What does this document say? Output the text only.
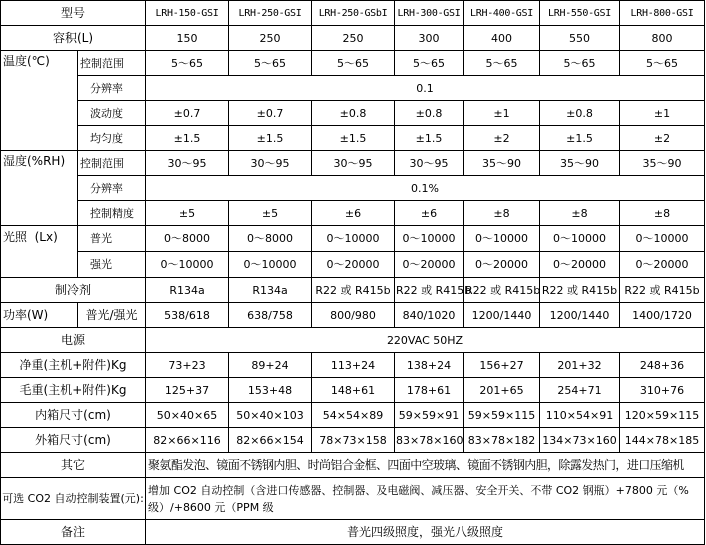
型号		LRH-150-GSI	LRH-250-GSI	LRH-250-GSbI	LRH-300-GSI	LRH-400-GSI	LRH-550-GSI	LRH-800-GSI
容积(L)		150	250	250	300	400	550	800
温度(℃)	控制范围	5～65	5～65	5～65	5～65	5～65	5～65	5～65
	分辨率	0.1						
	波动度	±0.7	±0.7	±0.8	±0.8	±1	±0.8	±1
	均匀度	±1.5	±1.5	±1.5	±1.5	±2	±1.5	±2
湿度(%RH)	控制范围	30～95	30～95	30～95	30～95	35～90	35～90	35～90
	分辨率	0.1%						
	控制精度	±5	±5	±6	±6	±8	±8	±8
光照  (Lx)	普光	0～8000	0～8000	0～10000	0～10000	0～10000	0～10000	0～10000
	强光	0～10000	0～10000	0～20000	0～20000	0～20000	0～20000	0～20000
制冷剂		R134a	R134a	R22 或 R415b	R22 或 R415b	R22 或 R415b	R22 或 R415b	R22 或 R415b
功率(W)	普光/强光	538/618	638/758	800/980	840/1020	1200/1440	1200/1440	1400/1720
电源		220VAC 50HZ						
净重(主机+附件)Kg		73+23	89+24	113+24	138+24	156+27	201+32	248+36
毛重(主机+附件)Kg		125+37	153+48	148+61	178+61	201+65	254+71	310+76
内箱尺寸(cm)		50×40×65	50×40×103	54×54×89	59×59×91	59×59×115	110×54×91	120×59×115
外箱尺寸(cm)		82×66×116	82×66×154	78×73×158	83×78×160	83×78×182	134×73×160	144×78×185
其它		聚氨酯发泡、镜面不锈钢内胆、时尚铝合金框、四面中空玻璃、镜面不锈钢内胆，除露发热门，进口压缩机						
可选 CO2 自动控制装置(元):		增加 CO2 自动控制（含进口传感器、控制器、及电磁阀、减压器、安全开关、不带 CO2 钢瓶）+7800 元（%级）/+8600 元（PPM 级						
备注		普光四级照度，强光八级照度						
